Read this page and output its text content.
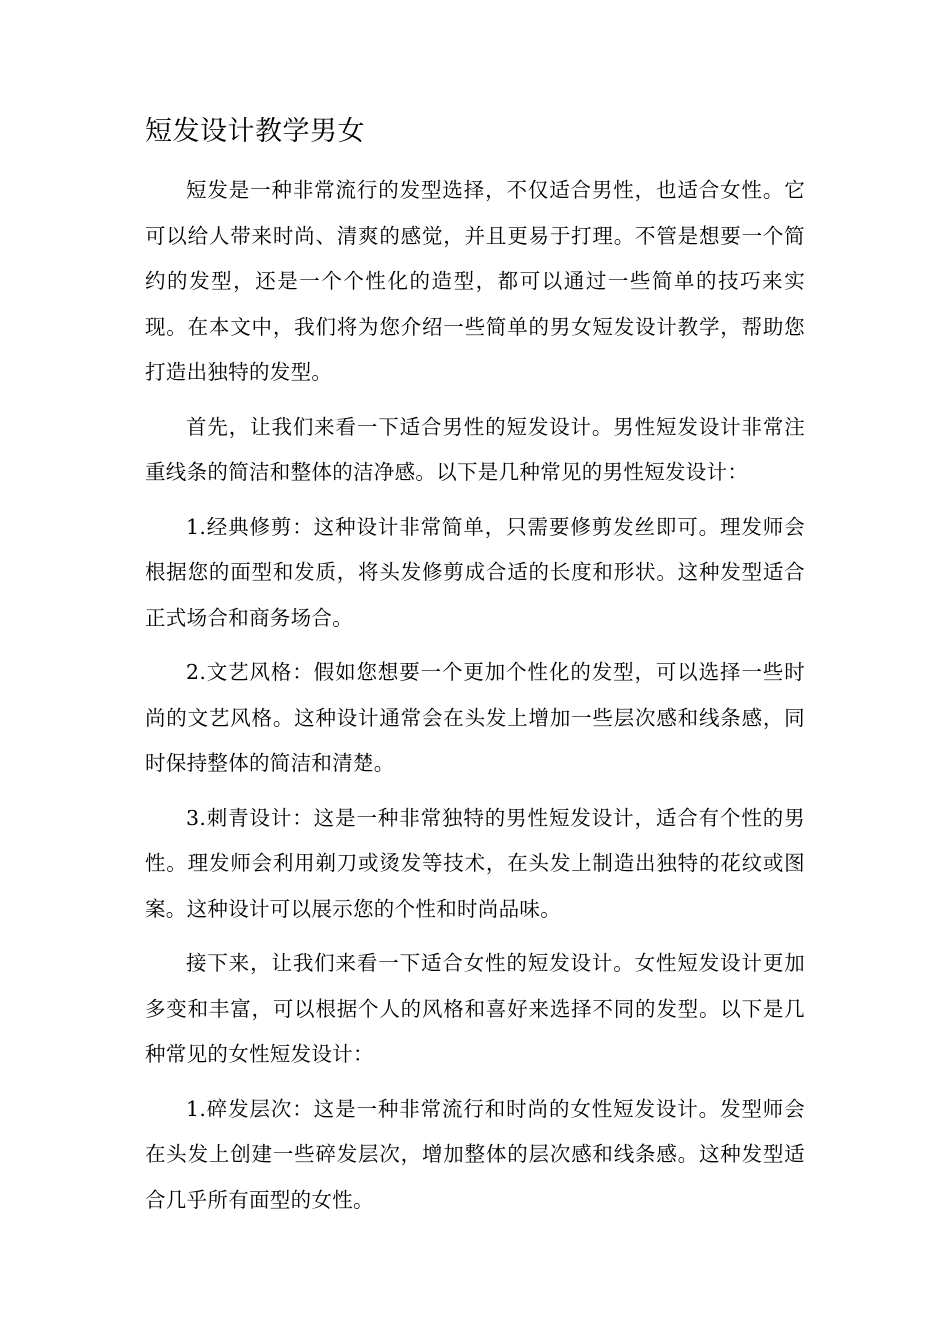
短发设计教学男女

短发是一种非常流行的发型选择，不仅适合男性，也适合女性。它可以给人带来时尚、清爽的感觉，并且更易于打理。不管是想要一个简约的发型，还是一个个性化的造型，都可以通过一些简单的技巧来实现。在本文中，我们将为您介绍一些简单的男女短发设计教学，帮助您打造出独特的发型。

首先，让我们来看一下适合男性的短发设计。男性短发设计非常注重线条的简洁和整体的洁净感。以下是几种常见的男性短发设计：

1.经典修剪：这种设计非常简单，只需要修剪发丝即可。理发师会根据您的面型和发质，将头发修剪成合适的长度和形状。这种发型适合正式场合和商务场合。

2.文艺风格：假如您想要一个更加个性化的发型，可以选择一些时尚的文艺风格。这种设计通常会在头发上增加一些层次感和线条感，同时保持整体的简洁和清楚。

3.刺青设计：这是一种非常独特的男性短发设计，适合有个性的男性。理发师会利用剃刀或烫发等技术，在头发上制造出独特的花纹或图案。这种设计可以展示您的个性和时尚品味。

接下来，让我们来看一下适合女性的短发设计。女性短发设计更加多变和丰富，可以根据个人的风格和喜好来选择不同的发型。以下是几种常见的女性短发设计：

1.碎发层次：这是一种非常流行和时尚的女性短发设计。发型师会在头发上创建一些碎发层次，增加整体的层次感和线条感。这种发型适合几乎所有面型的女性。
